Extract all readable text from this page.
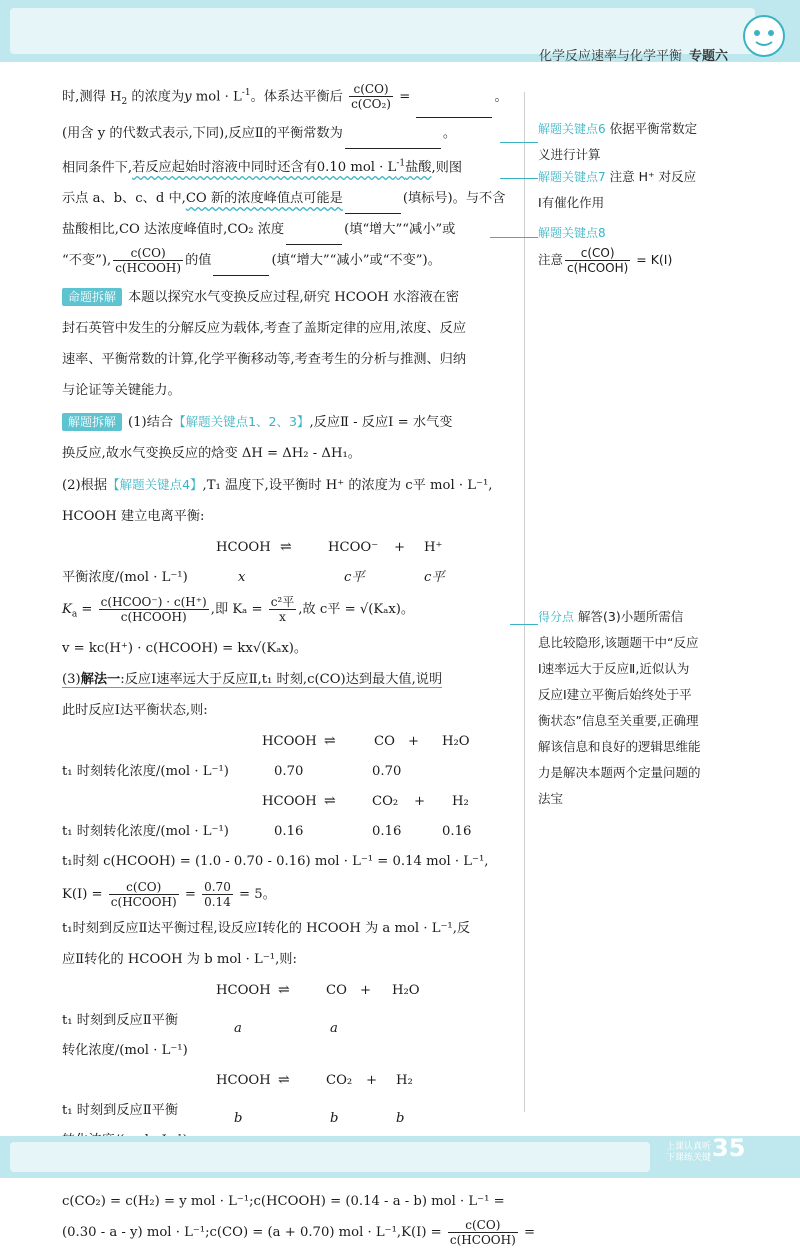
化学反应速率与化学平衡 专题六

时,测得 $H_2$ 的浓度为y mol · $L^{-1}$。体系达平衡后 $\frac{c(CO)}{\text{c(CO₂)}}$ =	。

(用含 y 的代数式表示,下同),反应Ⅱ的平衡常数为	。

相同条件下,若反应起始时溶液中同时还含有0.10 mol · $L^{-1}$盐酸,则图

示点 a、b、c、d 中,CO 新的浓度峰值点可能是	(填标号)。与不含

盐酸相比,CO 达浓度峰值时,CO₂ 浓度	(填“增大”“减小”或

“不变”), $\frac{c(CO)}{\text{c(HCOOH)}}$ 的值	(填“增大”“减小”或“不变”)。

命题拆解 本题以探究水气变换反应过程,研究 HCOOH 水溶液在密

封石英管中发生的分解反应为载体,考查了盖斯定律的应用,浓度、反应

速率、平衡常数的计算,化学平衡移动等,考查考生的分析与推测、归纳

与论证等关键能力。

解题拆解 (1)结合【解题关键点1、2、3】,反应Ⅱ - 反应Ⅰ = 水气变

换反应,故水气变换反应的焓变 ΔH = ΔH₂ - ΔH₁。

(2)根据【解题关键点4】,T₁ 温度下,设平衡时 H⁺ 的浓度为 c平 mol · L⁻¹,

HCOOH 建立电离平衡:

HCOOH ⇌	HCOO⁻ + H⁺
平衡浓度/(mol · L⁻¹)	x	c平	c平

$K_a = \frac{\text{c(HCOO⁻) · c(H⁺)}}{\text{c(HCOOH)}}$ ,即 $K_a = \frac{\text{c²平}}{x}$ ,故 c平 = √(Kₐx)。

v = kc(H⁺) · c(HCOOH) = kx√(Kₐx)。

(3)解法一:反应Ⅰ速率远大于反应Ⅱ,t₁ 时刻,c(CO)达到最大值,说明

此时反应Ⅰ达平衡状态,则:

HCOOH ⇌	CO + H₂O
t₁ 时刻转化浓度/(mol · L⁻¹)	0.70	0.70
HCOOH ⇌	CO₂ + H₂
t₁ 时刻转化浓度/(mol · L⁻¹)	0.16	0.16	0.16

t₁时刻 c(HCOOH) = (1.0 - 0.70 - 0.16) mol · L⁻¹ = 0.14 mol · L⁻¹,

K(Ⅰ) = $\frac{c(CO)}{\text{c(HCOOH)}} = \frac{0.70}{0.14} = 5$。

t₁时刻到反应Ⅱ达平衡过程,设反应Ⅰ转化的 HCOOH 为 a mol · L⁻¹,反

应Ⅱ转化的 HCOOH 为 b mol · L⁻¹,则:

HCOOH ⇌	CO + H₂O
t₁ 时刻到反应Ⅱ平衡
a	a
转化浓度/(mol · L⁻¹)
HCOOH ⇌	CO₂ + H₂
t₁ 时刻到反应Ⅱ平衡
b	b	b

c(CO₂) = c(H₂) = y mol · L⁻¹;c(HCOOH) = (0.14 - a - b) mol · L⁻¹ =

(0.30 - a - y) mol · L⁻¹;c(CO) = (a + 0.70) mol · L⁻¹,K(Ⅰ) = $\frac{c(CO)}{\text{c(HCOOH)}}$ =

解题关键点6 依据平衡常数定
义进行计算
解题关键点7 注意 H⁺ 对反应
Ⅰ有催化作用
解题关键点8
注意 $\frac{c(CO)}{\text{c(HCOOH)}}$ = K(Ⅰ)
得分点 解答(3)小题所需信
息比较隐形,该题题干中“反应
Ⅰ速率远大于反应Ⅱ,近似认为
反应Ⅰ建立平衡后始终处于平
衡状态”信息至关重要,正确理
解该信息和良好的逻辑思维能
力是解决本题两个定量问题的
法宝
上课认真听
下课练关键 35
